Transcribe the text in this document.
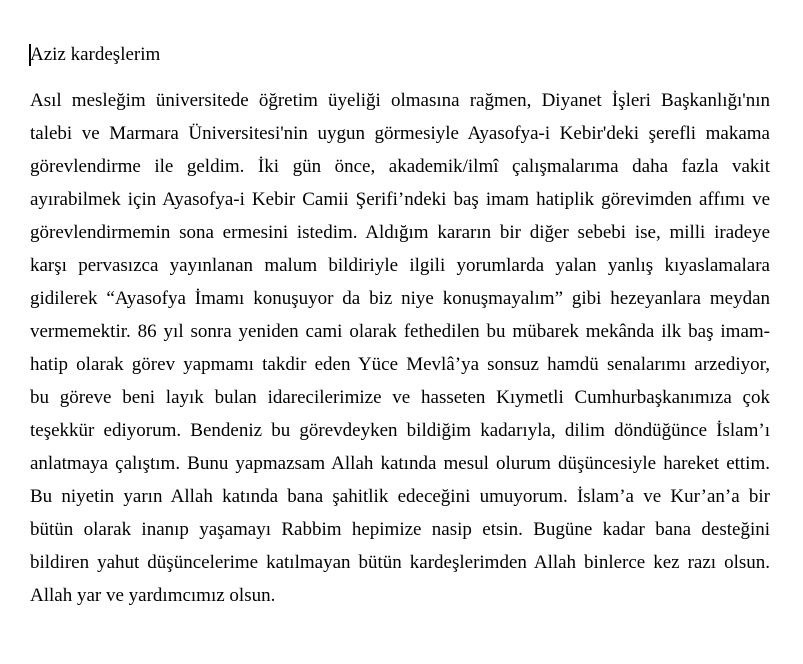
Aziz kardeşlerim
Asıl mesleğim üniversitede öğretim üyeliği olmasına rağmen, Diyanet İşleri Başkanlığı'nın
talebi ve Marmara Üniversitesi'nin uygun görmesiyle Ayasofya-i Kebir'deki şerefli makama
görevlendirme ile geldim. İki gün önce, akademik/ilmî çalışmalarıma daha fazla vakit
ayırabilmek için Ayasofya-i Kebir Camii Şerifi’ndeki baş imam hatiplik görevimden affımı ve
görevlendirmemin sona ermesini istedim. Aldığım kararın bir diğer sebebi ise, milli iradeye
karşı pervasızca yayınlanan malum bildiriyle ilgili yorumlarda yalan yanlış kıyaslamalara
gidilerek “Ayasofya İmamı konuşuyor da biz niye konuşmayalım” gibi hezeyanlara meydan
vermemektir. 86 yıl sonra yeniden cami olarak fethedilen bu mübarek mekânda ilk baş imam-
hatip olarak görev yapmamı takdir eden Yüce Mevlâ’ya sonsuz hamdü senalarımı arzediyor,
bu göreve beni layık bulan idarecilerimize ve hasseten Kıymetli Cumhurbaşkanımıza çok
teşekkür ediyorum. Bendeniz bu görevdeyken bildiğim kadarıyla, dilim döndüğünce İslam’ı
anlatmaya çalıştım. Bunu yapmazsam Allah katında mesul olurum düşüncesiyle hareket ettim.
Bu niyetin yarın Allah katında bana şahitlik edeceğini umuyorum. İslam’a ve Kur’an’a bir
bütün olarak inanıp yaşamayı Rabbim hepimize nasip etsin. Bugüne kadar bana desteğini
bildiren yahut düşüncelerime katılmayan bütün kardeşlerimden Allah binlerce kez razı olsun.
Allah yar ve yardımcımız olsun.
